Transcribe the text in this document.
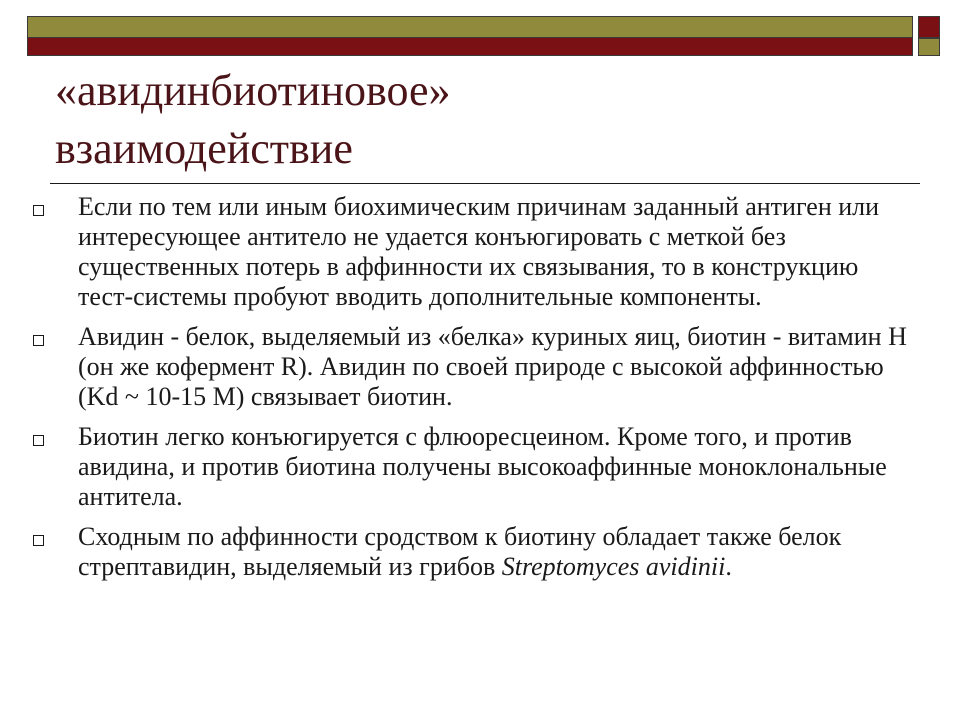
«авидинбиотиновое»
взаимодействие
Если по тем или иным биохимическим причинам заданный антиген или интересующее антитело не удается конъюгировать с меткой без существенных потерь в аффинности их связывания, то в конструкцию тест-системы пробуют вводить дополнительные компоненты.
Авидин - белок, выделяемый из «белка» куриных яиц, биотин - витамин H (он же кофермент R). Авидин по своей природе с высокой аффинностью (Kd ~ 10-15 M) связывает биотин.
Биотин легко конъюгируется с флюоресцеином. Кроме того, и против авидина, и против биотина получены высокоаффинные моноклональные антитела.
Сходным по аффинности сродством к биотину обладает также белок стрептавидин, выделяемый из грибов Streptomyces avidinii.
